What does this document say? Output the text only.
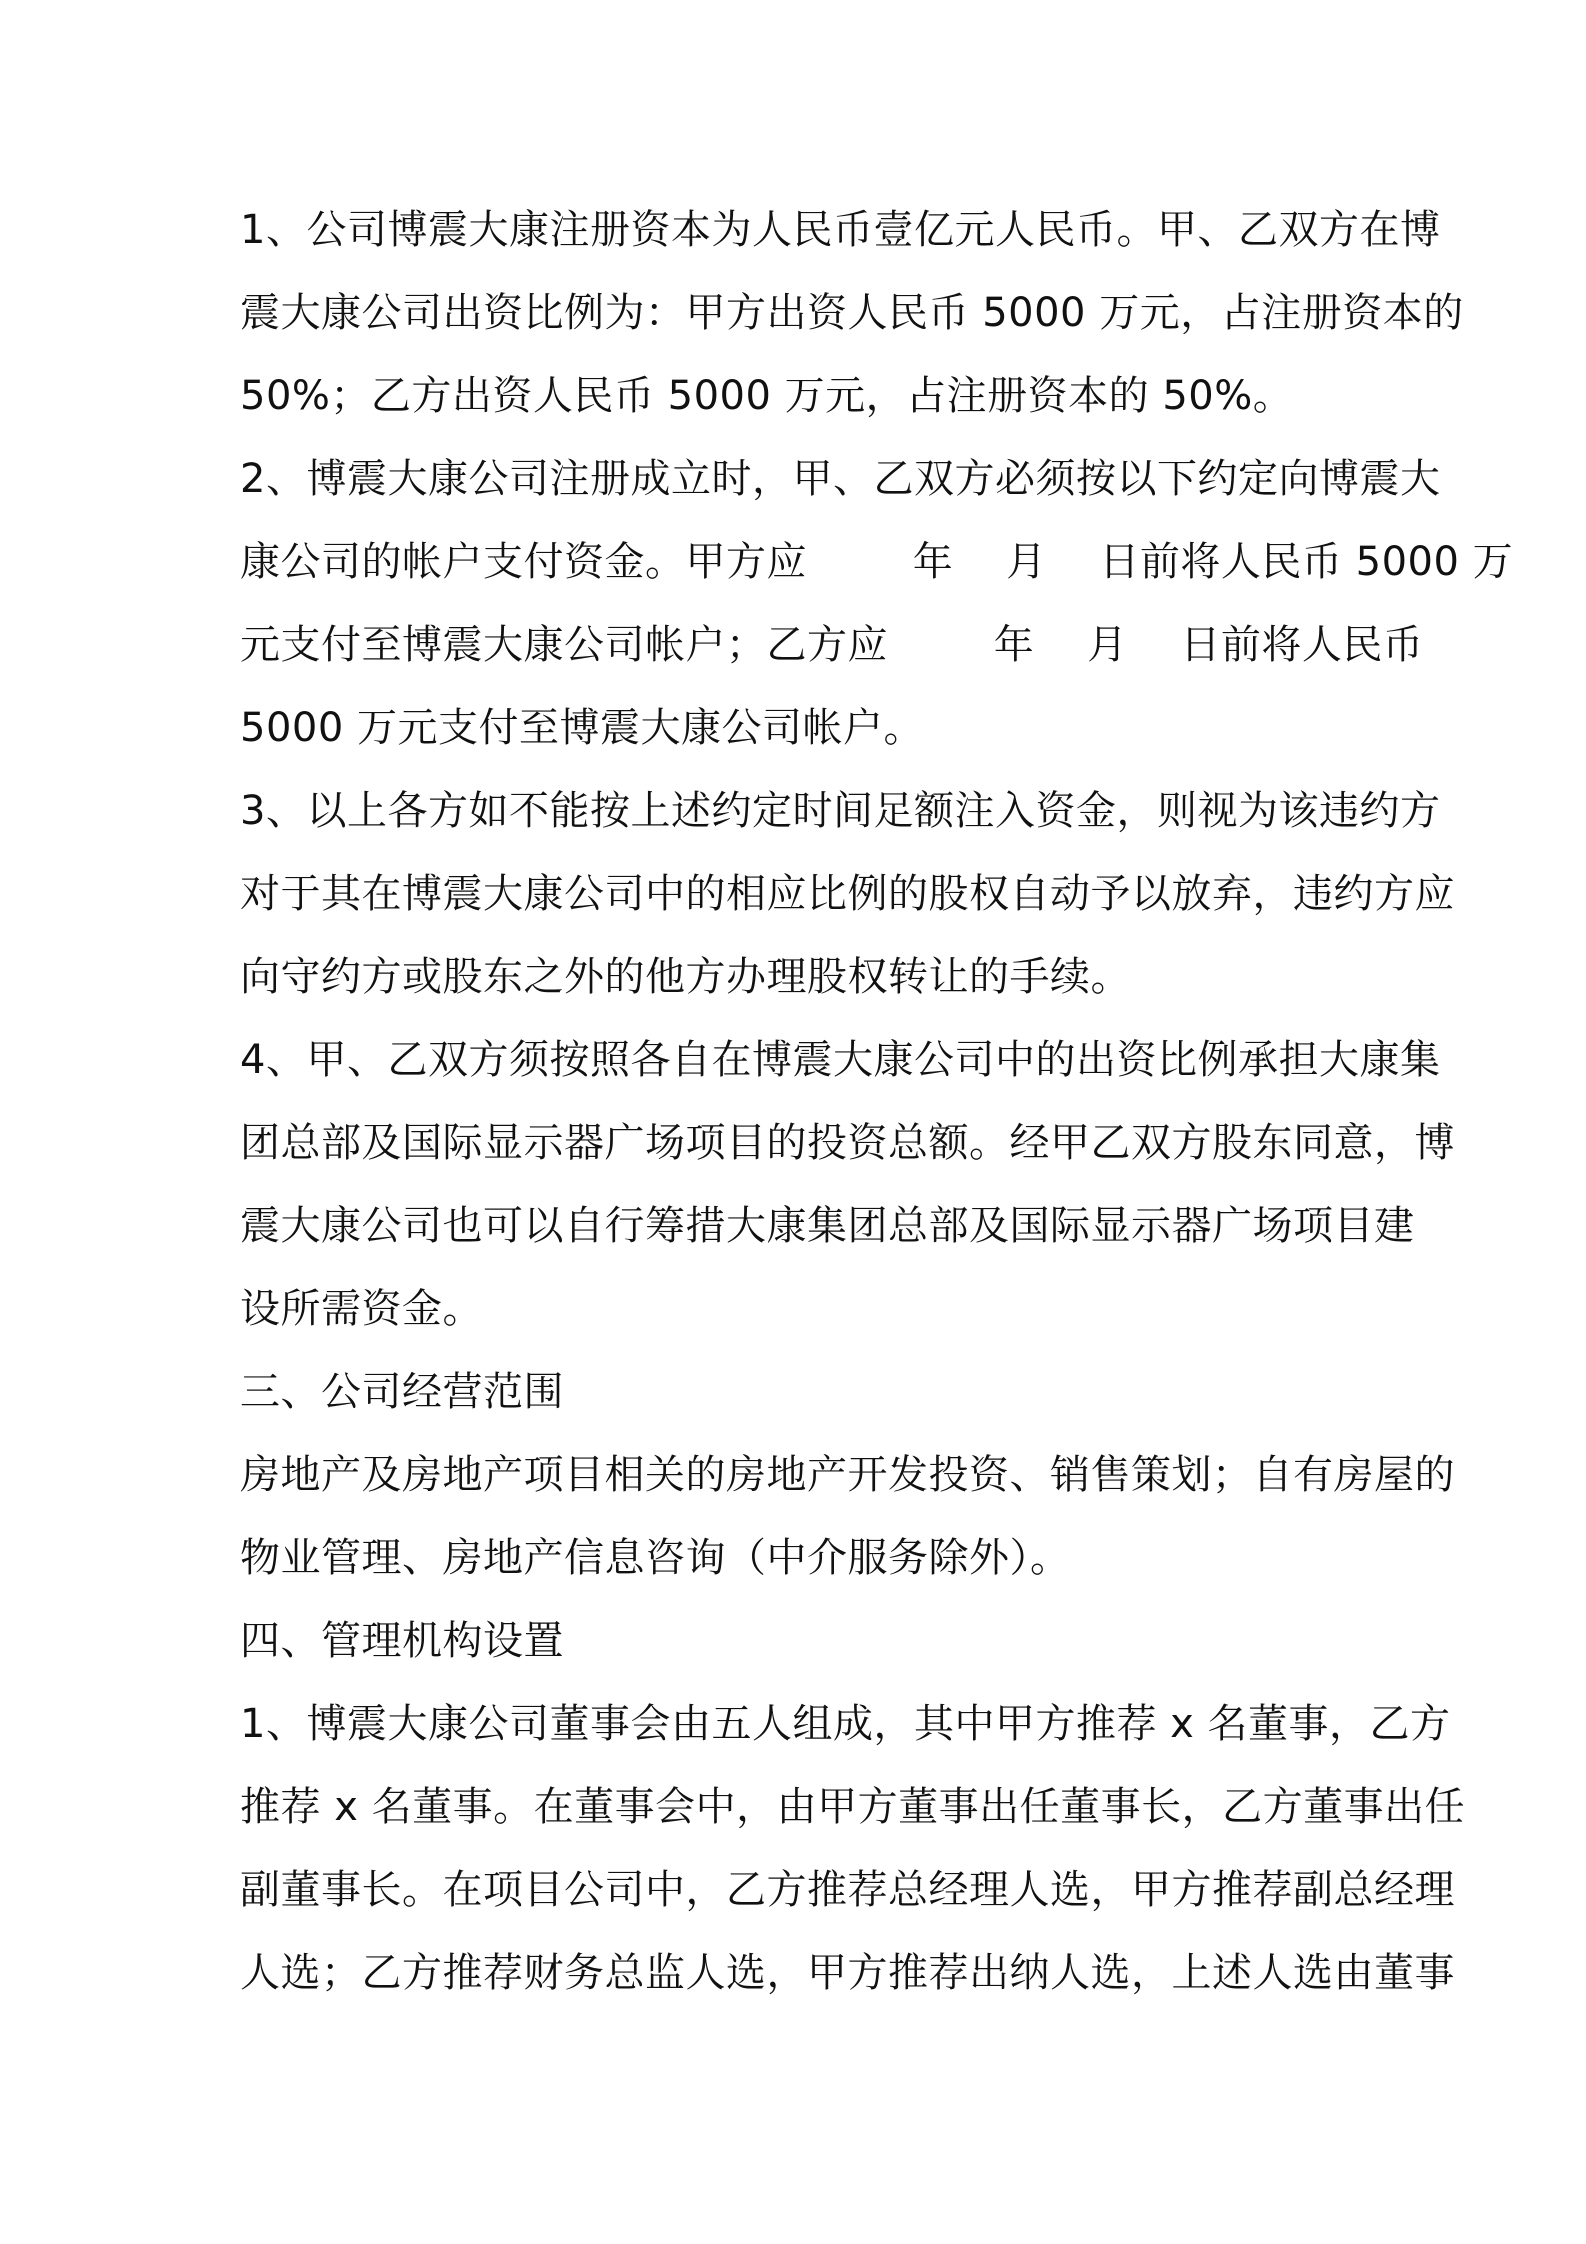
1、公司博震大康注册资本为人民币壹亿元人民币。甲、乙双方在博

震大康公司出资比例为：甲方出资人民币 5000 万元，占注册资本的

50%；乙方出资人民币 5000 万元，占注册资本的 50%。

2、博震大康公司注册成立时，甲、乙双方必须按以下约定向博震大

康公司的帐户支付资金。甲方应        年    月    日前将人民币 5000 万

元支付至博震大康公司帐户；乙方应        年    月    日前将人民币

5000 万元支付至博震大康公司帐户。

3、以上各方如不能按上述约定时间足额注入资金，则视为该违约方

对于其在博震大康公司中的相应比例的股权自动予以放弃，违约方应

向守约方或股东之外的他方办理股权转让的手续。

4、甲、乙双方须按照各自在博震大康公司中的出资比例承担大康集

团总部及国际显示器广场项目的投资总额。经甲乙双方股东同意，博

震大康公司也可以自行筹措大康集团总部及国际显示器广场项目建

设所需资金。

三、公司经营范围

房地产及房地产项目相关的房地产开发投资、销售策划；自有房屋的

物业管理、房地产信息咨询（中介服务除外）。

四、管理机构设置

1、博震大康公司董事会由五人组成，其中甲方推荐 x 名董事，乙方

推荐 x 名董事。在董事会中，由甲方董事出任董事长，乙方董事出任

副董事长。在项目公司中，乙方推荐总经理人选，甲方推荐副总经理

人选；乙方推荐财务总监人选，甲方推荐出纳人选，上述人选由董事
